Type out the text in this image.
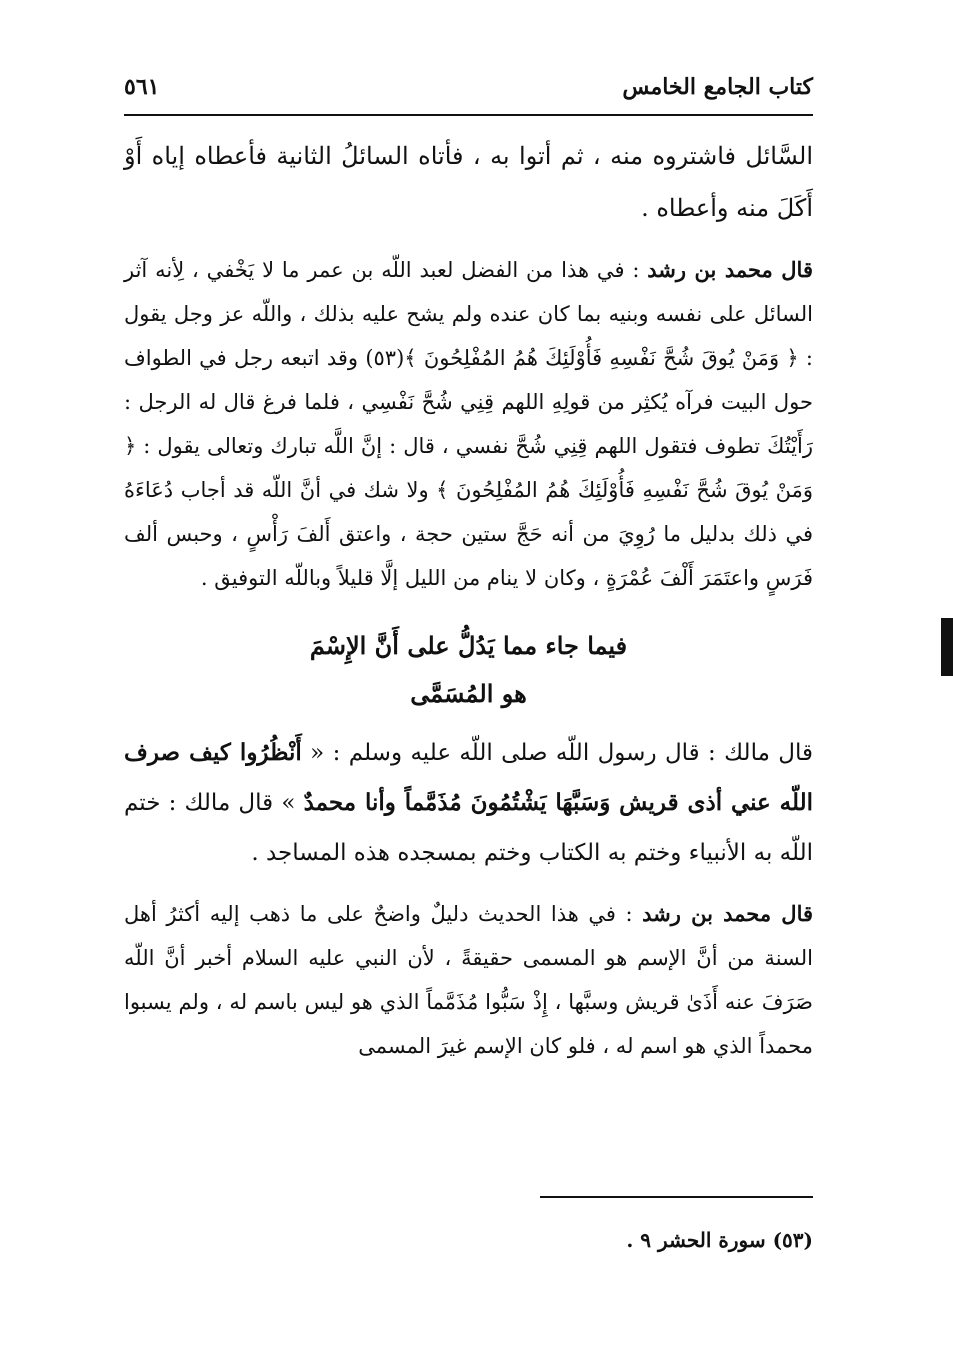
كتاب الجامع الخامس
٥٦١

السَّائل فاشتروه منه ، ثم أتوا به ، فأتاه السائلُ الثانية فأعطاه إياه أَوْ أَكَلَ منه وأعطاه .

قال محمد بن رشد : في هذا من الفضل لعبد اللّه بن عمر ما لا يَخْفي ، لِأنه آثر السائل على نفسه وبنيه بما كان عنده ولم يشح عليه بذلك ، واللّه عز وجل يقول : ﴿ وَمَنْ يُوقَ شُحَّ نَفْسِهِ فَأُوْلَئِكَ هُمُ المُفْلِحُونَ ﴾(٥٣) وقد اتبعه رجل في الطواف حول البيت فرآه يُكثِر من قولِهِ اللهم قِنِي شُحَّ نَفْسِي ، فلما فرغ قال له الرجل : رَأَيْتُكَ تطوف فتقول اللهم قِنِي شُحَّ نفسي ، قال : إنَّ اللَّه تبارك وتعالى يقول : ﴿ وَمَنْ يُوقَ شُحَّ نَفْسِهِ فَأُوْلَئِكَ هُمُ المُفْلِحُونَ ﴾ ولا شك في أنَّ اللّه قد أجاب دُعَاءَهُ في ذلك بدليل ما رُوِيَ من أنه حَجَّ ستين حجة ، واعتق أَلفَ رَأْسٍ ، وحبس ألف فَرَسٍ واعتَمَرَ أَلْفَ عُمْرَةٍ ، وكان لا ينام من الليل إلَّا قليلاً وباللّه التوفيق .

فيما جاء مما يَدُلُّ على أَنَّ الإِسْمَ
هو المُسَمَّى

قال مالك : قال رسول اللّه صلى اللّه عليه وسلم : « أَنْظُرُوا كيف صرف اللّه عني أذى قريش وَسَبَّهَا يَشْتُمُونَ مُذَمَّماً وأنا محمدٌ » قال مالك : ختم اللّه به الأنبياء وختم به الكتاب وختم بمسجده هذه المساجد .

قال محمد بن رشد : في هذا الحديث دليلٌ واضحٌ على ما ذهب إليه أكثرُ أهل السنة من أنَّ الإسم هو المسمى حقيقةً ، لأن النبي عليه السلام أخبر أنَّ اللّه صَرَفَ عنه أَذَىٰ قريش وسبَّها ، إِذْ سَبُّوا مُذَمَّماً الذي هو ليس باسم له ، ولم يسبوا محمداً الذي هو اسم له ، فلو كان الإسم غيرَ المسمى

(٥٣) سورة الحشر ٩ .
